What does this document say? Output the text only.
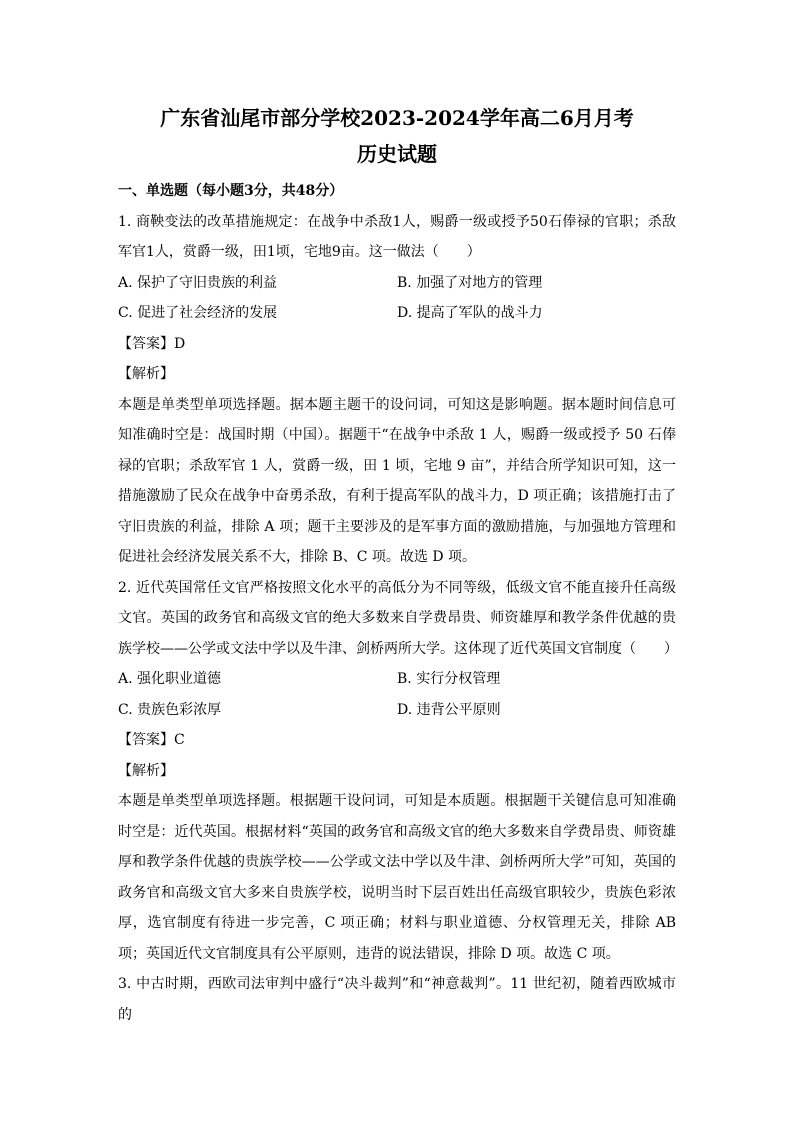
广东省汕尾市部分学校2023-2024学年高二6月月考
历史试题

一、单选题（每小题3分，共48分）

1. 商鞅变法的改革措施规定：在战争中杀敌1人，赐爵一级或授予50石俸禄的官职；杀敌军官1人，赏爵一级，田1顷，宅地9亩。这一做法（　　）

A. 保护了守旧贵族的利益	B. 加强了对地方的管理
C. 促进了社会经济的发展	D. 提高了军队的战斗力

【答案】D

【解析】

本题是单类型单项选择题。据本题主题干的设问词，可知这是影响题。据本题时间信息可知准确时空是：战国时期（中国）。据题干“在战争中杀敌 1 人，赐爵一级或授予 50 石俸禄的官职；杀敌军官 1 人，赏爵一级，田 1 顷，宅地 9 亩”，并结合所学知识可知，这一措施激励了民众在战争中奋勇杀敌，有利于提高军队的战斗力，D 项正确；该措施打击了守旧贵族的利益，排除 A 项；题干主要涉及的是军事方面的激励措施，与加强地方管理和促进社会经济发展关系不大，排除 B、C 项。故选 D 项。

2. 近代英国常任文官严格按照文化水平的高低分为不同等级，低级文官不能直接升任高级文官。英国的政务官和高级文官的绝大多数来自学费昂贵、师资雄厚和教学条件优越的贵族学校——公学或文法中学以及牛津、剑桥两所大学。这体现了近代英国文官制度（　　）

A. 强化职业道德	B. 实行分权管理
C. 贵族色彩浓厚	D. 违背公平原则

【答案】C

【解析】

本题是单类型单项选择题。根据题干设问词，可知是本质题。根据题干关键信息可知准确时空是：近代英国。根据材料“英国的政务官和高级文官的绝大多数来自学费昂贵、师资雄厚和教学条件优越的贵族学校——公学或文法中学以及牛津、剑桥两所大学”可知，英国的政务官和高级文官大多来自贵族学校，说明当时下层百姓出任高级官职较少，贵族色彩浓厚，选官制度有待进一步完善，C 项正确；材料与职业道德、分权管理无关，排除 AB 项；英国近代文官制度具有公平原则，违背的说法错误，排除 D 项。故选 C 项。

3. 中古时期，西欧司法审判中盛行“决斗裁判”和“神意裁判”。11 世纪初，随着西欧城市的
